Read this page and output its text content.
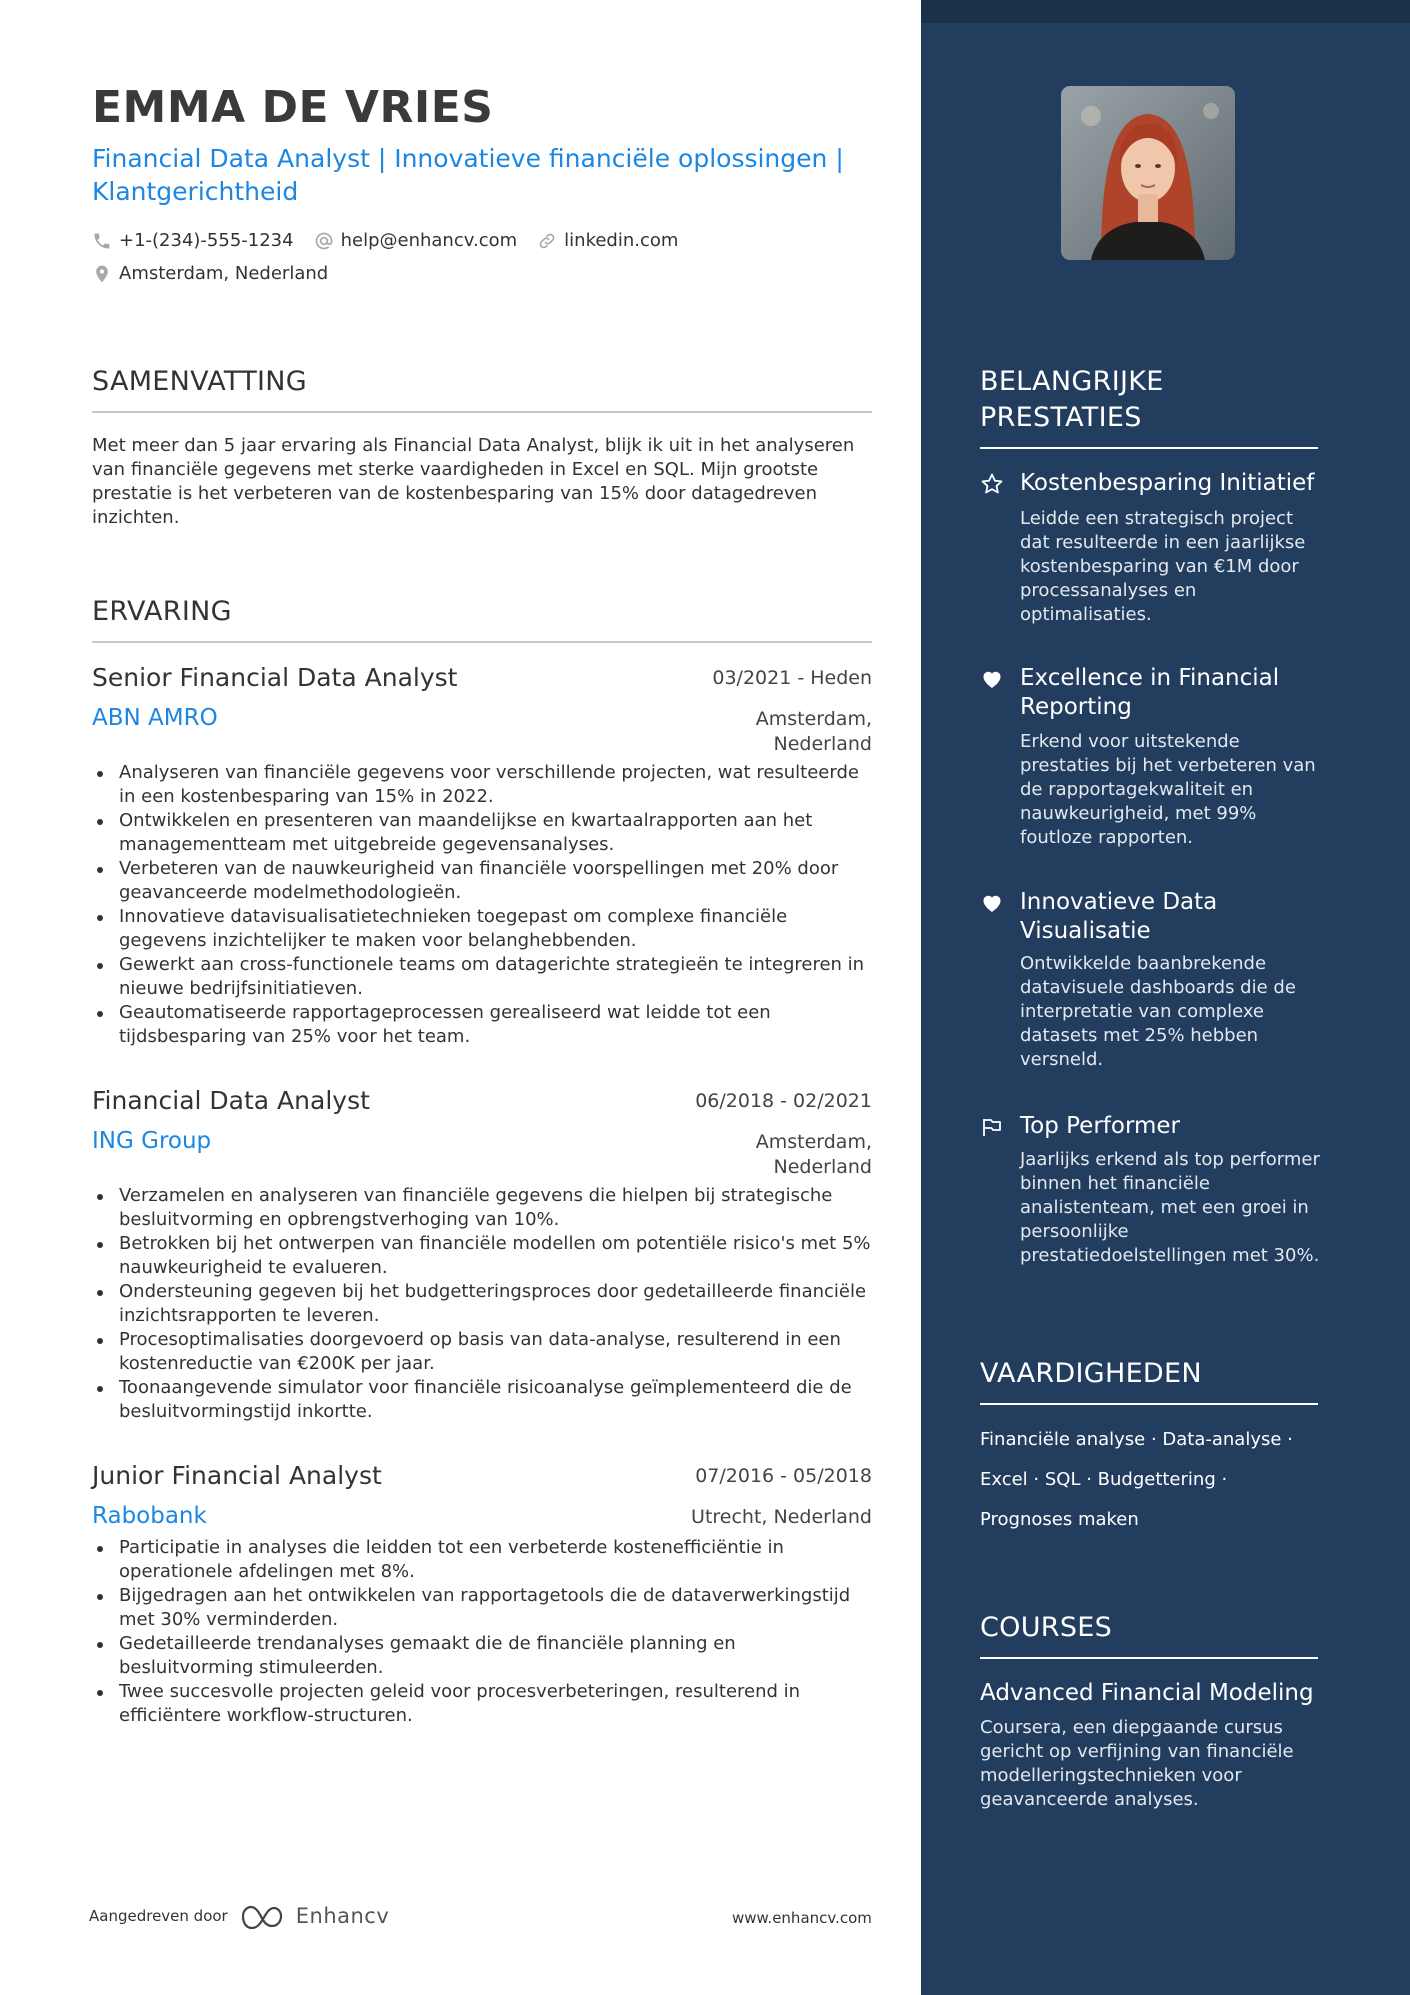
EMMA DE VRIES
Financial Data Analyst | Innovatieve financiële oplossingen | Klantgerichtheid
+1-(234)-555-1234	help@enhancv.com	linkedin.com
Amsterdam, Nederland
SAMENVATTING
Met meer dan 5 jaar ervaring als Financial Data Analyst, blijk ik uit in het analyseren van financiële gegevens met sterke vaardigheden in Excel en SQL. Mijn grootste prestatie is het verbeteren van de kostenbesparing van 15% door datagedreven inzichten.
ERVARING
Senior Financial Data Analyst	03/2021 - Heden
ABN AMRO	Amsterdam,
Nederland
Analyseren van financiële gegevens voor verschillende projecten, wat resulteerde in een kostenbesparing van 15% in 2022.
Ontwikkelen en presenteren van maandelijkse en kwartaalrapporten aan het managementteam met uitgebreide gegevensanalyses.
Verbeteren van de nauwkeurigheid van financiële voorspellingen met 20% door geavanceerde modelmethodologieën.
Innovatieve datavisualisatietechnieken toegepast om complexe financiële gegevens inzichtelijker te maken voor belanghebbenden.
Gewerkt aan cross-functionele teams om datagerichte strategieën te integreren in nieuwe bedrijfsinitiatieven.
Geautomatiseerde rapportageprocessen gerealiseerd wat leidde tot een tijdsbesparing van 25% voor het team.
Financial Data Analyst	06/2018 - 02/2021
ING Group	Amsterdam,
Nederland
Verzamelen en analyseren van financiële gegevens die hielpen bij strategische besluitvorming en opbrengstverhoging van 10%.
Betrokken bij het ontwerpen van financiële modellen om potentiële risico's met 5% nauwkeurigheid te evalueren.
Ondersteuning gegeven bij het budgetteringsproces door gedetailleerde financiële inzichtsrapporten te leveren.
Procesoptimalisaties doorgevoerd op basis van data-analyse, resulterend in een kostenreductie van €200K per jaar.
Toonaangevende simulator voor financiële risicoanalyse geïmplementeerd die de besluitvormingstijd inkortte.
Junior Financial Analyst	07/2016 - 05/2018
Rabobank	Utrecht, Nederland
Participatie in analyses die leidden tot een verbeterde kostenefficiëntie in operationele afdelingen met 8%.
Bijgedragen aan het ontwikkelen van rapportagetools die de dataverwerkingstijd met 30% verminderden.
Gedetailleerde trendanalyses gemaakt die de financiële planning en besluitvorming stimuleerden.
Twee succesvolle projecten geleid voor procesverbeteringen, resulterend in efficiëntere workflow-structuren.
BELANGRIJKE
PRESTATIES
Kostenbesparing Initiatief
Leidde een strategisch project dat resulteerde in een jaarlijkse kostenbesparing van €1M door processanalyses en optimalisaties.
Excellence in Financial Reporting
Erkend voor uitstekende prestaties bij het verbeteren van de rapportagekwaliteit en nauwkeurigheid, met 99% foutloze rapporten.
Innovatieve Data Visualisatie
Ontwikkelde baanbrekende datavisuele dashboards die de interpretatie van complexe datasets met 25% hebben versneld.
Top Performer
Jaarlijks erkend als top performer binnen het financiële analistenteam, met een groei in persoonlijke prestatiedoelstellingen met 30%.
VAARDIGHEDEN
Financiële analyse · Data-analyse ·
Excel · SQL · Budgettering ·
Prognoses maken
COURSES
Advanced Financial Modeling
Coursera, een diepgaande cursus gericht op verfijning van financiële modelleringstechnieken voor geavanceerde analyses.
Aangedreven door	Enhancv	www.enhancv.com
